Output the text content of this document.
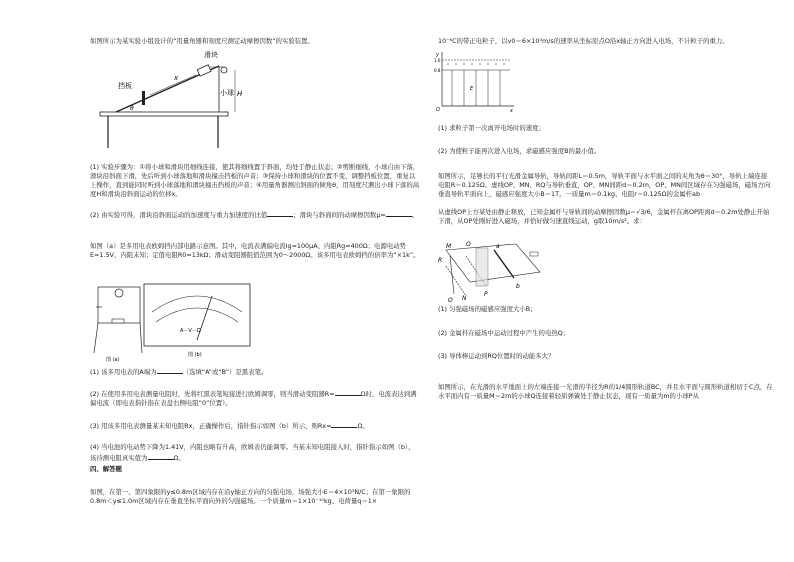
如图所示为某实验小组设计的“用量角器和刻度尺测定动摩擦因数”的实验装置。

滑块
挡板
小球
x
θ
H

(1) 实验步骤为：①将小球和滑块用细线连接，使其将细线置于斜面，均处于静止状态；②剪断细线，小球自由下落，滑块沿斜面下滑，先后听到小球落地和滑块撞击挡板的声音；③保持小球和滑块的位置不变，调整挡板位置，重复以上操作，直到能同时听到小球落地和滑块撞击挡板的声音；④用量角器测出斜面的倾角θ，用刻度尺测出小球下落的高度H和滑块沿斜面运动的位移x。

(2) 由实验可得，滑块沿斜面运动的加速度与重力加速度的比值	；滑块与斜面间的动摩擦因数μ=	。

如图（a）是多用电表欧姆挡内部电路示意图。其中，电流表满偏电流Ig=100μA、内阻Rg=400Ω；电源电动势E=1.5V、内阻未知；定值电阻R0=13kΩ；滑动变阻器阻值范围为0～2000Ω。该多用电表欧姆挡的倍率为“×1k”。

图 (a)
A－V－Ω
图 (b)

(1) 该多用电表的A端为	（选填“A”或“B”）是黑表笔。

(2) 在使用多用电表测量电阻时，先将红黑表笔短接进行欧姆调零，则当滑动变阻器R=	Ω时，电流表达到满偏电流（即电表指针指在表盘右侧电阻“0”位置）。

(3) 用该多用电表测量某未知电阻Rx，正确操作后，指针指示如图（b）所示，则Rx=	Ω。

(4) 当电池的电动势下降为1.41V，内阻也略有升高，欧姆表仍能调零。当某未知电阻接入时，指针指示如图（b），该待测电阻真实值为	Ω。

四、解答题

如图，在第一、第四象限的y≤0.8m区域内存在沿y轴正方向的匀强电场，场强大小E＝4×10³N/C；在第一象限的0.8m＜y≤1.0m区域内存在垂直坐标平面向外的匀强磁场。一个质量m＝1×10⁻¹⁰kg、电荷量q＝1×

10⁻⁶C的带正电粒子，以v0＝6×10³m/s的速率从坐标原点O沿x轴正方向进入电场，不计粒子的重力。

y
x
O
E
1.0
0.8

(1) 求粒子第一次离开电场时的速度；

(2) 为使粒子能再次进入电场，求磁感应强度B的最小值。

如图所示，足够长的平行光滑金属导轨，导轨间距L＝0.5m，导轨平面与水平面之间的夹角为θ＝30°，导轨上端连接电阻R＝0.125Ω。虚线OP、MN、RQ与导轨垂直，OP、MN间距d＝0.2m，OP、MN间区域存在匀强磁场，磁场方向垂直导轨平面向上，磁感应强度大小B＝1T。一质量m＝0.1kg、电阻r＝0.125Ω的金属杆ab

从虚线OP上方某处由静止释放，已知金属杆与导轨间的动摩擦因数μ＝√3/6，金属杆在离OP距离d＝0.2m处静止开始下滑，从OP处刚好进入磁场，并恰好做匀速直线运动，g取10m/s²。求：

M O
R
b
a
N
P
Q

(1) 匀强磁场的磁感应强度大小B；

(2) 金属杆在磁场中运动过程中产生的电热Q；

(3) 导体棒运动到RQ位置时的动能多大？

如图所示，在光滑的水平地面上的左端连接一光滑的半径为R的1/4圆形轨道BC，并且水平面与圆形轨道相切于C点，在水平面内有一质量M＝2m的小球Q连接着轻质弹簧处于静止状态，现有一质量为m的小球P从
